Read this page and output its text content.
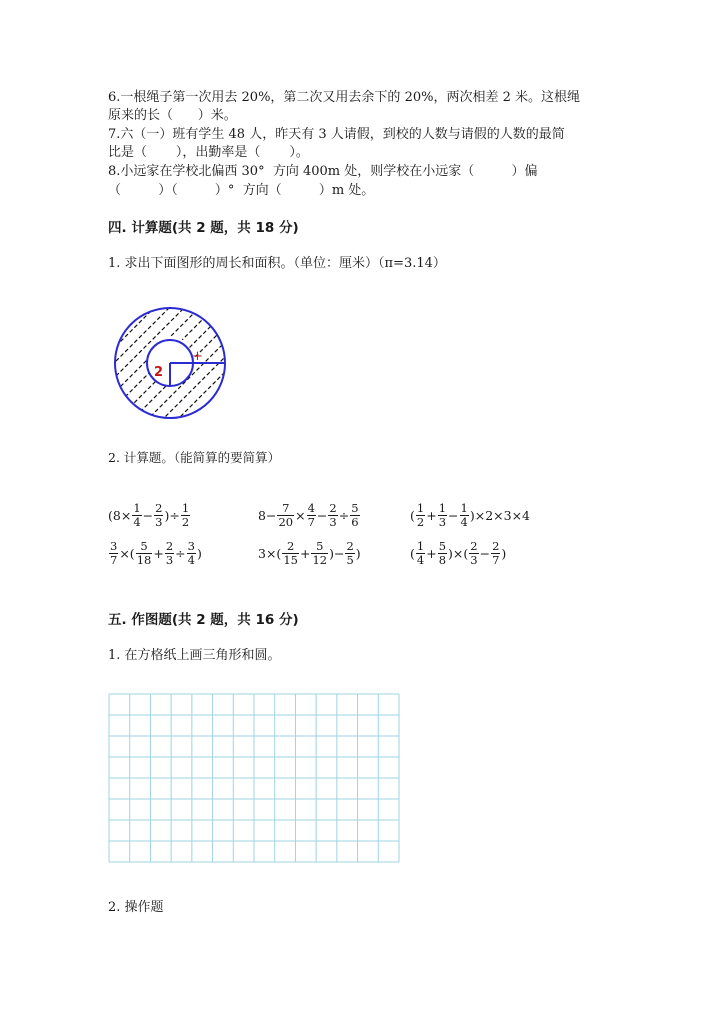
6.一根绳子第一次用去 20%，第二次又用去余下的 20%，两次相差 2 米。这根绳
原来的长（      ）米。
7.六（一）班有学生 48 人，昨天有 3 人请假，到校的人数与请假的人数的最简
比是（       ），出勤率是（       ）。
8.小远家在学校北偏西 30°  方向 400m 处，则学校在小远家（         ）偏
（         ）（         ）°  方向（         ）m 处。
四. 计算题(共 2 题，共 18 分)
1. 求出下面图形的周长和面积。（单位：厘米）（π=3.14）
+
2
2. 计算题。（能简算的要简算）
($8\times \frac{1}{4} - \frac{2}{3}$ )÷ $\frac{1}{2}$
$\frac{3}{7}$ ×( $\frac{5}{18} + \frac{2}{3} \div \frac{3}{4}$ )
$8- \frac{7}{20} \times \frac{4}{7} - \frac{2}{3} \div \frac{5}{6}$
$3\times( \frac{2}{15} + \frac{5}{12}$ )− $\frac{2}{5}$ )
( $\frac{1}{2} + \frac{1}{3} - \frac{1}{4} )\times 2\times 3\times 4$
( $\frac{1}{4} + \frac{5}{8}$ )×( $\frac{2}{3} - \frac{2}{7}$ )
五. 作图题(共 2 题，共 16 分)
1. 在方格纸上画三角形和圆。
2. 操作题
